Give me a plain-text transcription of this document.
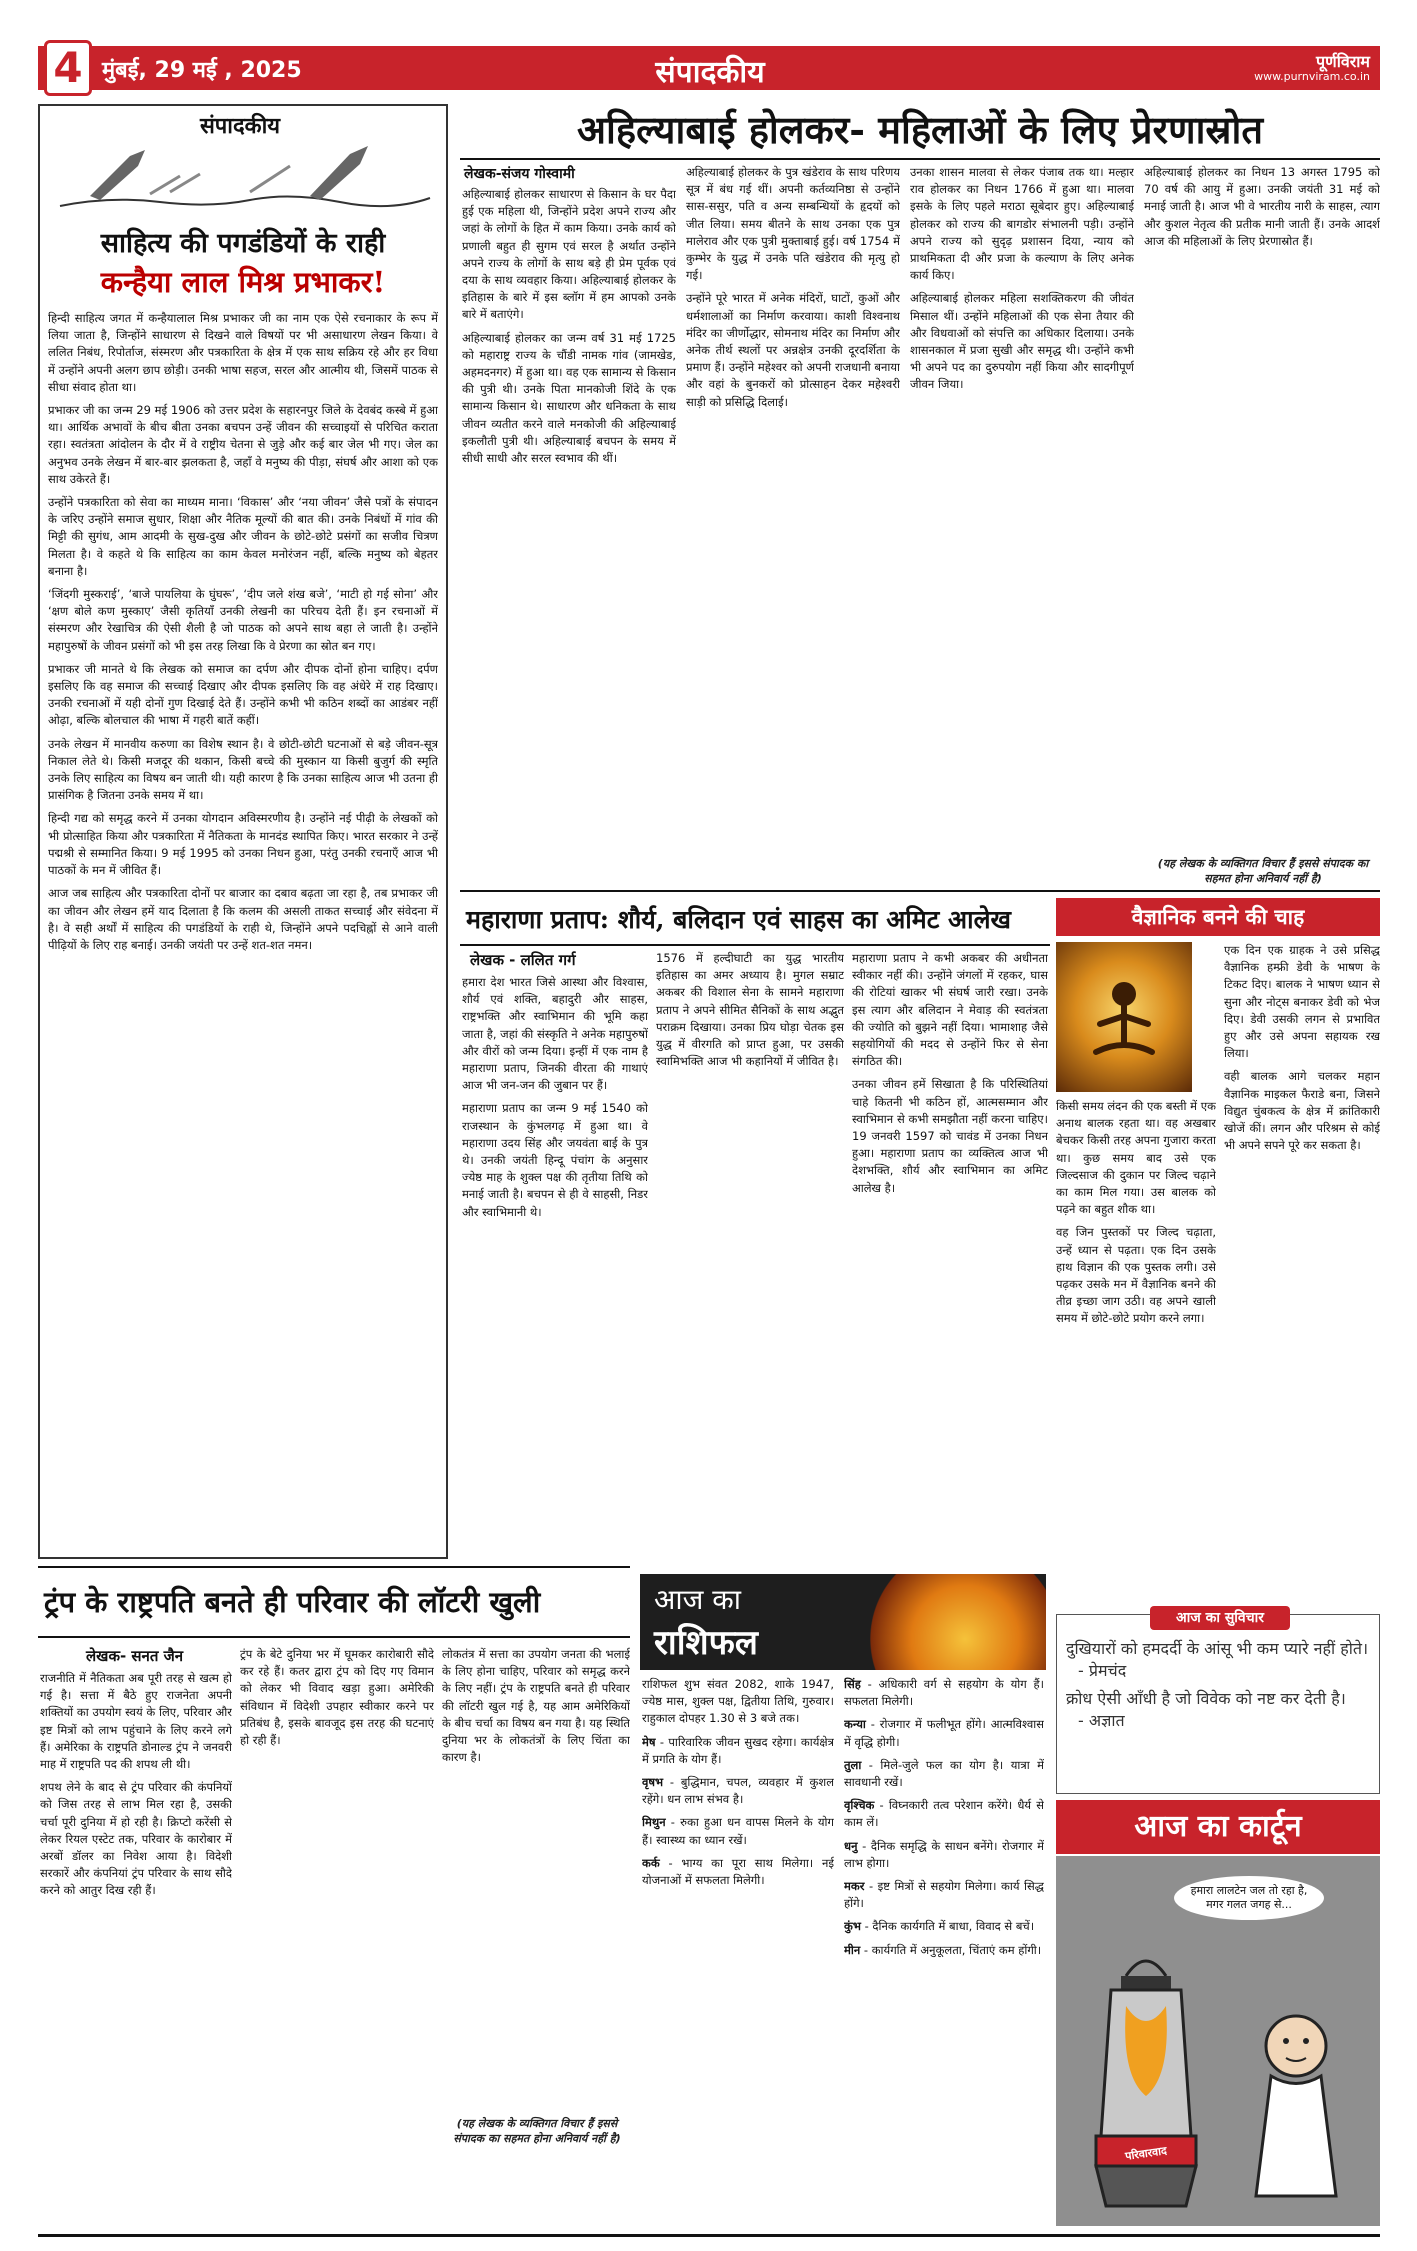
4 मुंबई, 29 मई , 2025	संपादकीय	पूर्णविराम
www.purnviram.co.in
संपादकीय
साहित्य की पगडंडियों के राही
कन्हैया लाल मिश्र प्रभाकर!

हिन्दी साहित्य जगत में कन्हैयालाल मिश्र प्रभाकर जी का नाम एक ऐसे रचनाकार के रूप में लिया जाता है, जिन्होंने साधारण से दिखने वाले विषयों पर भी असाधारण लेखन किया। वे ललित निबंध, रिपोर्ताज, संस्मरण और पत्रकारिता के क्षेत्र में एक साथ सक्रिय रहे और हर विधा में उन्होंने अपनी अलग छाप छोड़ी। उनकी भाषा सहज, सरल और आत्मीय थी, जिसमें पाठक से सीधा संवाद होता था।

प्रभाकर जी का जन्म 29 मई 1906 को उत्तर प्रदेश के सहारनपुर जिले के देवबंद कस्बे में हुआ था। आर्थिक अभावों के बीच बीता उनका बचपन उन्हें जीवन की सच्चाइयों से परिचित कराता रहा। स्वतंत्रता आंदोलन के दौर में वे राष्ट्रीय चेतना से जुड़े और कई बार जेल भी गए। जेल का अनुभव उनके लेखन में बार-बार झलकता है, जहाँ वे मनुष्य की पीड़ा, संघर्ष और आशा को एक साथ उकेरते हैं।

उन्होंने पत्रकारिता को सेवा का माध्यम माना। ‘विकास’ और ‘नया जीवन’ जैसे पत्रों के संपादन के जरिए उन्होंने समाज सुधार, शिक्षा और नैतिक मूल्यों की बात की। उनके निबंधों में गांव की मिट्टी की सुगंध, आम आदमी के सुख-दुख और जीवन के छोटे-छोटे प्रसंगों का सजीव चित्रण मिलता है। वे कहते थे कि साहित्य का काम केवल मनोरंजन नहीं, बल्कि मनुष्य को बेहतर बनाना है।

‘जिंदगी मुस्कराई’, ‘बाजे पायलिया के घुंघरू’, ‘दीप जले शंख बजे’, ‘माटी हो गई सोना’ और ‘क्षण बोले कण मुस्काए’ जैसी कृतियाँ उनकी लेखनी का परिचय देती हैं। इन रचनाओं में संस्मरण और रेखाचित्र की ऐसी शैली है जो पाठक को अपने साथ बहा ले जाती है। उन्होंने महापुरुषों के जीवन प्रसंगों को भी इस तरह लिखा कि वे प्रेरणा का स्रोत बन गए।

प्रभाकर जी मानते थे कि लेखक को समाज का दर्पण और दीपक दोनों होना चाहिए। दर्पण इसलिए कि वह समाज की सच्चाई दिखाए और दीपक इसलिए कि वह अंधेरे में राह दिखाए। उनकी रचनाओं में यही दोनों गुण दिखाई देते हैं। उन्होंने कभी भी कठिन शब्दों का आडंबर नहीं ओढ़ा, बल्कि बोलचाल की भाषा में गहरी बातें कहीं।

उनके लेखन में मानवीय करुणा का विशेष स्थान है। वे छोटी-छोटी घटनाओं से बड़े जीवन-सूत्र निकाल लेते थे। किसी मजदूर की थकान, किसी बच्चे की मुस्कान या किसी बुजुर्ग की स्मृति उनके लिए साहित्य का विषय बन जाती थी। यही कारण है कि उनका साहित्य आज भी उतना ही प्रासंगिक है जितना उनके समय में था।

हिन्दी गद्य को समृद्ध करने में उनका योगदान अविस्मरणीय है। उन्होंने नई पीढ़ी के लेखकों को भी प्रोत्साहित किया और पत्रकारिता में नैतिकता के मानदंड स्थापित किए। भारत सरकार ने उन्हें पद्मश्री से सम्मानित किया। 9 मई 1995 को उनका निधन हुआ, परंतु उनकी रचनाएँ आज भी पाठकों के मन में जीवित हैं।

आज जब साहित्य और पत्रकारिता दोनों पर बाजार का दबाव बढ़ता जा रहा है, तब प्रभाकर जी का जीवन और लेखन हमें याद दिलाता है कि कलम की असली ताकत सच्चाई और संवेदना में है। वे सही अर्थों में साहित्य की पगडंडियों के राही थे, जिन्होंने अपने पदचिह्नों से आने वाली पीढ़ियों के लिए राह बनाई। उनकी जयंती पर उन्हें शत-शत नमन।

अहिल्याबाई होलकर- महिलाओं के लिए प्रेरणास्रोत
लेखक-संजय गोस्वामी

अहिल्याबाई होलकर साधारण से किसान के घर पैदा हुई एक महिला थी, जिन्होंने प्रदेश अपने राज्य और जहां के लोगों के हित में काम किया। उनके कार्य को प्रणाली बहुत ही सुगम एवं सरल है अर्थात उन्होंने अपने राज्य के लोगों के साथ बड़े ही प्रेम पूर्वक एवं दया के साथ व्यवहार किया। अहिल्याबाई होलकर के इतिहास के बारे में इस ब्लॉग में हम आपको उनके बारे में बताएंगे।

अहिल्याबाई होलकर का जन्म वर्ष 31 मई 1725 को महाराष्ट्र राज्य के चौंडी नामक गांव (जामखेड, अहमदनगर) में हुआ था। वह एक सामान्य से किसान की पुत्री थी। उनके पिता मानकोजी शिंदे के एक सामान्य किसान थे। साधारण और धनिकता के साथ जीवन व्यतीत करने वाले मनकोजी की अहिल्याबाई इकलौती पुत्री थी। अहिल्याबाई बचपन के समय में सीधी साधी और सरल स्वभाव की थीं।

अहिल्याबाई होलकर के पुत्र खंडेराव के साथ परिणय सूत्र में बंध गई थीं। अपनी कर्तव्यनिष्ठा से उन्होंने सास-ससुर, पति व अन्य सम्बन्धियों के हृदयों को जीत लिया। समय बीतने के साथ उनका एक पुत्र मालेराव और एक पुत्री मुक्ताबाई हुई। वर्ष 1754 में कुम्भेर के युद्ध में उनके पति खंडेराव की मृत्यु हो गई।

उन्होंने पूरे भारत में अनेक मंदिरों, घाटों, कुओं और धर्मशालाओं का निर्माण करवाया। काशी विश्वनाथ मंदिर का जीर्णोद्धार, सोमनाथ मंदिर का निर्माण और अनेक तीर्थ स्थलों पर अन्नक्षेत्र उनकी दूरदर्शिता के प्रमाण हैं। उन्होंने महेश्वर को अपनी राजधानी बनाया और वहां के बुनकरों को प्रोत्साहन देकर महेश्वरी साड़ी को प्रसिद्धि दिलाई।

उनका शासन मालवा से लेकर पंजाब तक था। मल्हार राव होलकर का निधन 1766 में हुआ था। मालवा इसके के लिए पहले मराठा सूबेदार हुए। अहिल्याबाई होलकर को राज्य की बागडोर संभालनी पड़ी। उन्होंने अपने राज्य को सुदृढ़ प्रशासन दिया, न्याय को प्राथमिकता दी और प्रजा के कल्याण के लिए अनेक कार्य किए।

अहिल्याबाई होलकर महिला सशक्तिकरण की जीवंत मिसाल थीं। उन्होंने महिलाओं की एक सेना तैयार की और विधवाओं को संपत्ति का अधिकार दिलाया। उनके शासनकाल में प्रजा सुखी और समृद्ध थी। उन्होंने कभी भी अपने पद का दुरुपयोग नहीं किया और सादगीपूर्ण जीवन जिया।

अहिल्याबाई होलकर का निधन 13 अगस्त 1795 को 70 वर्ष की आयु में हुआ। उनकी जयंती 31 मई को मनाई जाती है। आज भी वे भारतीय नारी के साहस, त्याग और कुशल नेतृत्व की प्रतीक मानी जाती हैं। उनके आदर्श आज की महिलाओं के लिए प्रेरणास्रोत हैं।

(यह लेखक के व्यक्तिगत विचार हैं इससे संपादक का सहमत होना अनिवार्य नहीं है)
महाराणा प्रताप: शौर्य, बलिदान एवं साहस का अमिट आलेख
लेखक - ललित गर्ग

हमारा देश भारत जिसे आस्था और विश्वास, शौर्य एवं शक्ति, बहादुरी और साहस, राष्ट्रभक्ति और स्वाभिमान की भूमि कहा जाता है, जहां की संस्कृति ने अनेक महापुरुषों और वीरों को जन्म दिया। इन्हीं में एक नाम है महाराणा प्रताप, जिनकी वीरता की गाथाएं आज भी जन-जन की जुबान पर हैं।

महाराणा प्रताप का जन्म 9 मई 1540 को राजस्थान के कुंभलगढ़ में हुआ था। वे महाराणा उदय सिंह और जयवंता बाई के पुत्र थे। उनकी जयंती हिन्दू पंचांग के अनुसार ज्येष्ठ माह के शुक्ल पक्ष की तृतीया तिथि को मनाई जाती है। बचपन से ही वे साहसी, निडर और स्वाभिमानी थे।

1576 में हल्दीघाटी का युद्ध भारतीय इतिहास का अमर अध्याय है। मुगल सम्राट अकबर की विशाल सेना के सामने महाराणा प्रताप ने अपने सीमित सैनिकों के साथ अद्भुत पराक्रम दिखाया। उनका प्रिय घोड़ा चेतक इस युद्ध में वीरगति को प्राप्त हुआ, पर उसकी स्वामिभक्ति आज भी कहानियों में जीवित है।

महाराणा प्रताप ने कभी अकबर की अधीनता स्वीकार नहीं की। उन्होंने जंगलों में रहकर, घास की रोटियां खाकर भी संघर्ष जारी रखा। उनके इस त्याग और बलिदान ने मेवाड़ की स्वतंत्रता की ज्योति को बुझने नहीं दिया। भामाशाह जैसे सहयोगियों की मदद से उन्होंने फिर से सेना संगठित की।

उनका जीवन हमें सिखाता है कि परिस्थितियां चाहे कितनी भी कठिन हों, आत्मसम्मान और स्वाभिमान से कभी समझौता नहीं करना चाहिए। 19 जनवरी 1597 को चावंड में उनका निधन हुआ। महाराणा प्रताप का व्यक्तित्व आज भी देशभक्ति, शौर्य और स्वाभिमान का अमिट आलेख है।

वैज्ञानिक बनने की चाह

किसी समय लंदन की एक बस्ती में एक अनाथ बालक रहता था। वह अखबार बेचकर किसी तरह अपना गुजारा करता था। कुछ समय बाद उसे एक जिल्दसाज की दुकान पर जिल्द चढ़ाने का काम मिल गया। उस बालक को पढ़ने का बहुत शौक था।

वह जिन पुस्तकों पर जिल्द चढ़ाता, उन्हें ध्यान से पढ़ता। एक दिन उसके हाथ विज्ञान की एक पुस्तक लगी। उसे पढ़कर उसके मन में वैज्ञानिक बनने की तीव्र इच्छा जाग उठी। वह अपने खाली समय में छोटे-छोटे प्रयोग करने लगा।

एक दिन एक ग्राहक ने उसे प्रसिद्ध वैज्ञानिक हम्फ्री डेवी के भाषण के टिकट दिए। बालक ने भाषण ध्यान से सुना और नोट्स बनाकर डेवी को भेज दिए। डेवी उसकी लगन से प्रभावित हुए और उसे अपना सहायक रख लिया।

वही बालक आगे चलकर महान वैज्ञानिक माइकल फैराडे बना, जिसने विद्युत चुंबकत्व के क्षेत्र में क्रांतिकारी खोजें कीं। लगन और परिश्रम से कोई भी अपने सपने पूरे कर सकता है।

आज का सुविचार
दुखियारों को हमदर्दी के आंसू भी कम प्यारे नहीं होते।
- प्रेमचंद
क्रोध ऐसी आँधी है जो विवेक को नष्ट कर देती है।
- अज्ञात
ट्रंप के राष्ट्रपति बनते ही परिवार की लॉटरी खुली
लेखक- सनत जैन

राजनीति में नैतिकता अब पूरी तरह से खत्म हो गई है। सत्ता में बैठे हुए राजनेता अपनी शक्तियों का उपयोग स्वयं के लिए, परिवार और इष्ट मित्रों को लाभ पहुंचाने के लिए करने लगे हैं। अमेरिका के राष्ट्रपति डोनाल्ड ट्रंप ने जनवरी माह में राष्ट्रपति पद की शपथ ली थी।

शपथ लेने के बाद से ट्रंप परिवार की कंपनियों को जिस तरह से लाभ मिल रहा है, उसकी चर्चा पूरी दुनिया में हो रही है। क्रिप्टो करेंसी से लेकर रियल एस्टेट तक, परिवार के कारोबार में अरबों डॉलर का निवेश आया है। विदेशी सरकारें और कंपनियां ट्रंप परिवार के साथ सौदे करने को आतुर दिख रही हैं।

ट्रंप के बेटे दुनिया भर में घूमकर कारोबारी सौदे कर रहे हैं। कतर द्वारा ट्रंप को दिए गए विमान को लेकर भी विवाद खड़ा हुआ। अमेरिकी संविधान में विदेशी उपहार स्वीकार करने पर प्रतिबंध है, इसके बावजूद इस तरह की घटनाएं हो रही हैं।

लोकतंत्र में सत्ता का उपयोग जनता की भलाई के लिए होना चाहिए, परिवार को समृद्ध करने के लिए नहीं। ट्रंप के राष्ट्रपति बनते ही परिवार की लॉटरी खुल गई है, यह आम अमेरिकियों के बीच चर्चा का विषय बन गया है। यह स्थिति दुनिया भर के लोकतंत्रों के लिए चिंता का कारण है।

(यह लेखक के व्यक्तिगत विचार हैं इससे संपादक का सहमत होना अनिवार्य नहीं है)
आज का
राशिफल

राशिफल शुभ संवत 2082, शाके 1947, ज्येष्ठ मास, शुक्ल पक्ष, द्वितीया तिथि, गुरुवार। राहुकाल दोपहर 1.30 से 3 बजे तक।

मेष - पारिवारिक जीवन सुखद रहेगा। कार्यक्षेत्र में प्रगति के योग हैं।

वृषभ - बुद्धिमान, चपल, व्यवहार में कुशल रहेंगे। धन लाभ संभव है।

मिथुन - रुका हुआ धन वापस मिलने के योग हैं। स्वास्थ्य का ध्यान रखें।

कर्क - भाग्य का पूरा साथ मिलेगा। नई योजनाओं में सफलता मिलेगी।

सिंह - अधिकारी वर्ग से सहयोग के योग हैं। सफलता मिलेगी।

कन्या - रोजगार में फलीभूत होंगे। आत्मविश्वास में वृद्धि होगी।

तुला - मिले-जुले फल का योग है। यात्रा में सावधानी रखें।

वृश्चिक - विघ्नकारी तत्व परेशान करेंगे। धैर्य से काम लें।

धनु - दैनिक समृद्धि के साधन बनेंगे। रोजगार में लाभ होगा।

मकर - इष्ट मित्रों से सहयोग मिलेगा। कार्य सिद्ध होंगे।

कुंभ - दैनिक कार्यगति में बाधा, विवाद से बचें।

मीन - कार्यगति में अनुकूलता, चिंताएं कम होंगी।

आज का कार्टून
हमारा लालटेन जल तो रहा है, मगर गलत जगह से...
परिवारवाद
